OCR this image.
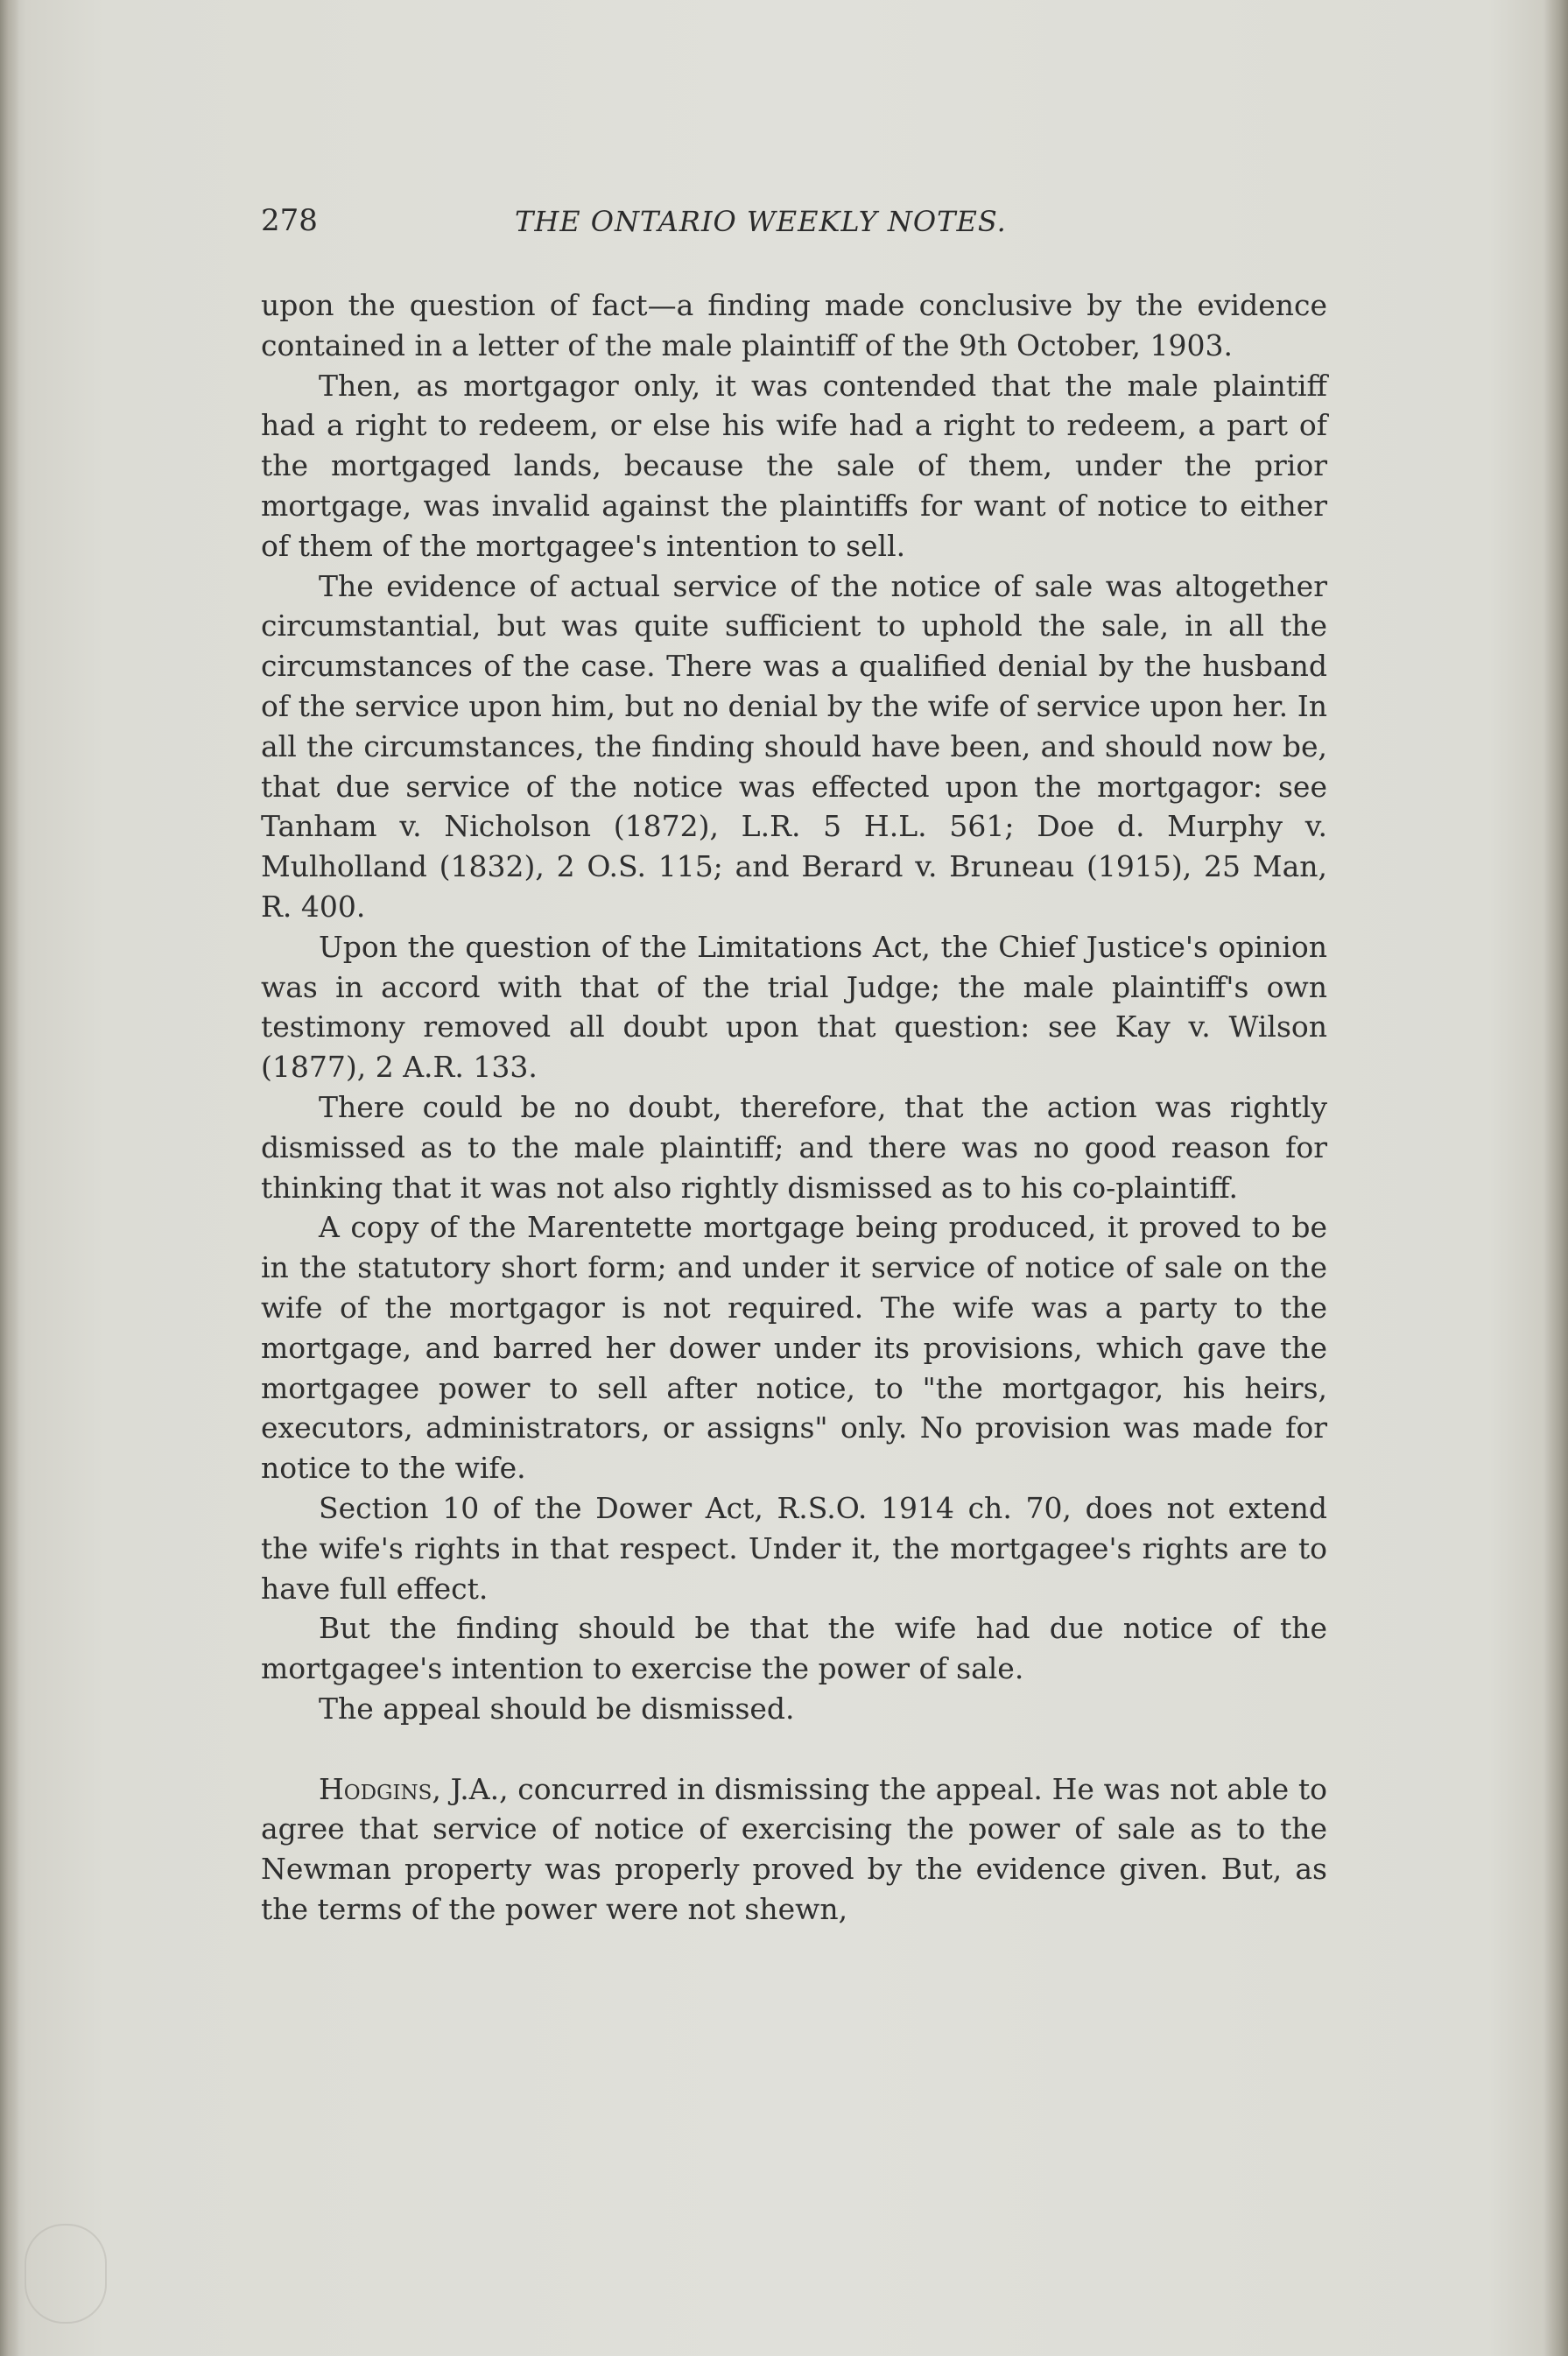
278	THE ONTARIO WEEKLY NOTES.

upon the question of fact—a finding made conclusive by the evidence contained in a letter of the male plaintiff of the 9th October, 1903.

Then, as mortgagor only, it was contended that the male plaintiff had a right to redeem, or else his wife had a right to redeem, a part of the mortgaged lands, because the sale of them, under the prior mortgage, was invalid against the plaintiffs for want of notice to either of them of the mortgagee's intention to sell.

The evidence of actual service of the notice of sale was altogether circumstantial, but was quite sufficient to uphold the sale, in all the circumstances of the case. There was a qualified denial by the husband of the service upon him, but no denial by the wife of service upon her. In all the circumstances, the finding should have been, and should now be, that due service of the notice was effected upon the mortgagor: see Tanham v. Nicholson (1872), L.R. 5 H.L. 561; Doe d. Murphy v. Mulholland (1832), 2 O.S. 115; and Berard v. Bruneau (1915), 25 Man, R. 400.

Upon the question of the Limitations Act, the Chief Justice's opinion was in accord with that of the trial Judge; the male plaintiff's own testimony removed all doubt upon that question: see Kay v. Wilson (1877), 2 A.R. 133.

There could be no doubt, therefore, that the action was rightly dismissed as to the male plaintiff; and there was no good reason for thinking that it was not also rightly dismissed as to his co-plaintiff.

A copy of the Marentette mortgage being produced, it proved to be in the statutory short form; and under it service of notice of sale on the wife of the mortgagor is not required. The wife was a party to the mortgage, and barred her dower under its provisions, which gave the mortgagee power to sell after notice, to "the mortgagor, his heirs, executors, administrators, or assigns" only. No provision was made for notice to the wife.

Section 10 of the Dower Act, R.S.O. 1914 ch. 70, does not extend the wife's rights in that respect. Under it, the mortgagee's rights are to have full effect.

But the finding should be that the wife had due notice of the mortgagee's intention to exercise the power of sale.

The appeal should be dismissed.

Hodgins, J.A., concurred in dismissing the appeal. He was not able to agree that service of notice of exercising the power of sale as to the Newman property was properly proved by the evidence given. But, as the terms of the power were not shewn,
